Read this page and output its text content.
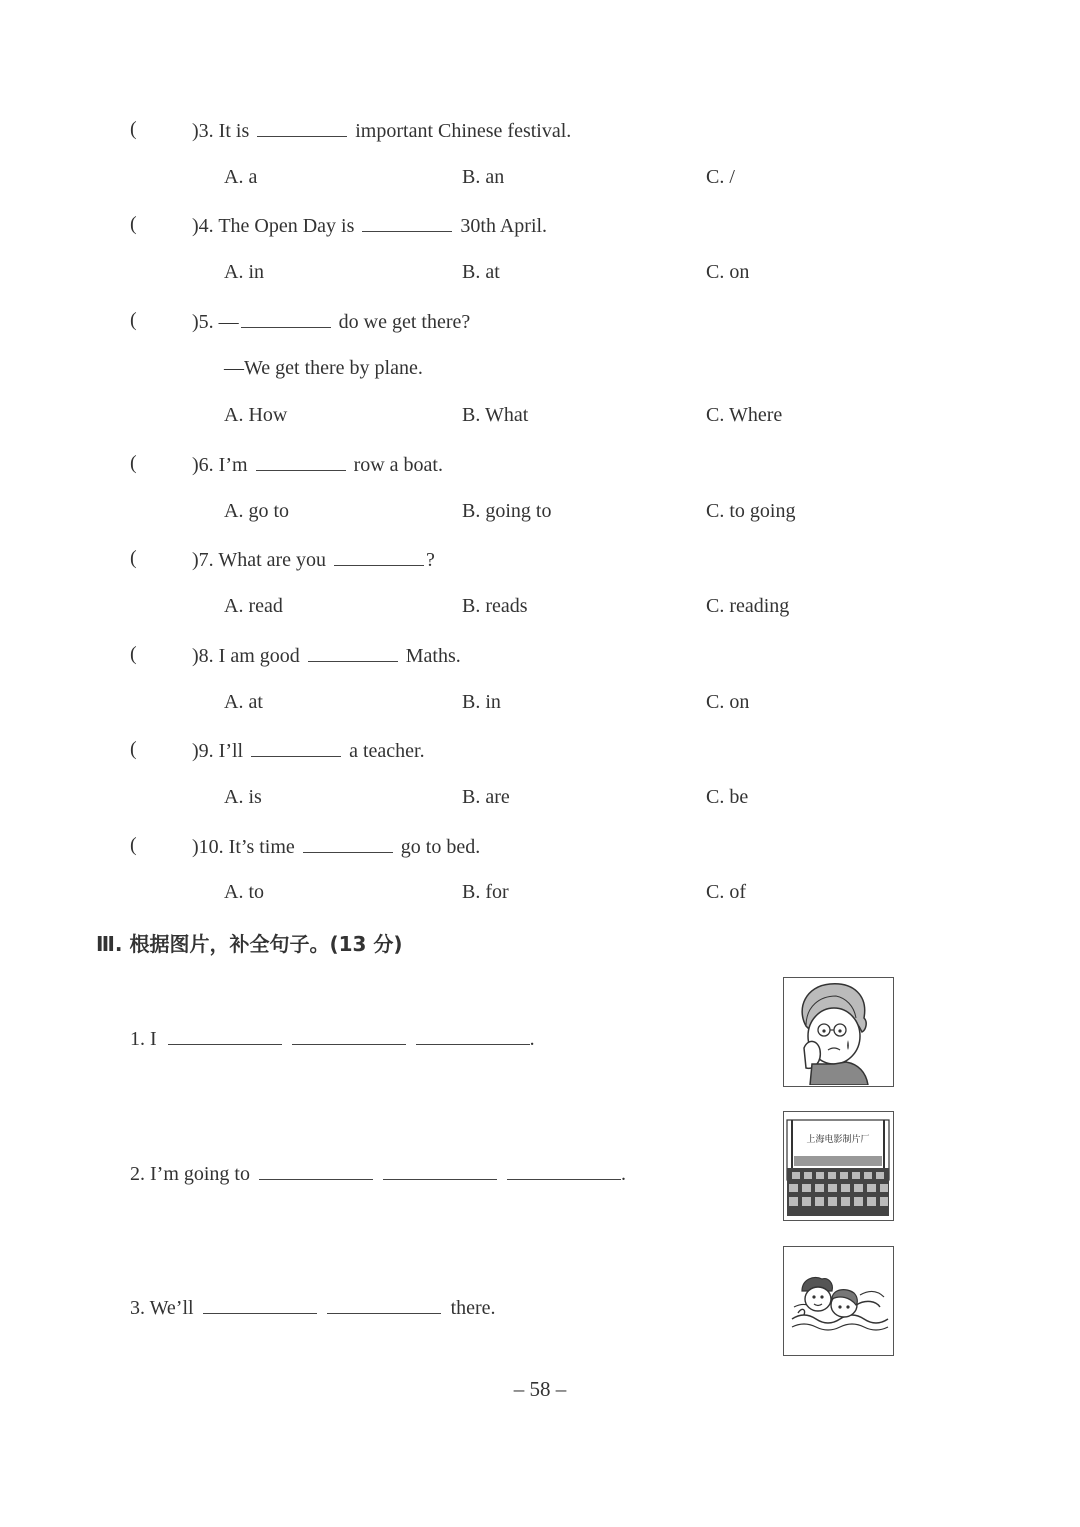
(	)3. It is	important Chinese festival.
A. a	B. an	C. /
(	)4. The Open Day is	30th April.
A. in	B. at	C. on
(	)5. —	do we get there?
—We get there by plane.
A. How	B. What	C. Where
(	)6. I’m	row a boat.
A. go to	B. going to	C. to going
(	)7. What are you	?
A. read	B. reads	C. reading
(	)8. I am good	Maths.
A. at	B. in	C. on
(	)9. I’ll	a teacher.
A. is	B. are	C. be
(	)10. It’s time	go to bed.
A. to	B. for	C. of
Ⅲ. 根据图片，补全句子。(13 分)
1. I	.
2. I’m going to	.
3. We’ll	there.
上海电影制片厂
– 58 –
